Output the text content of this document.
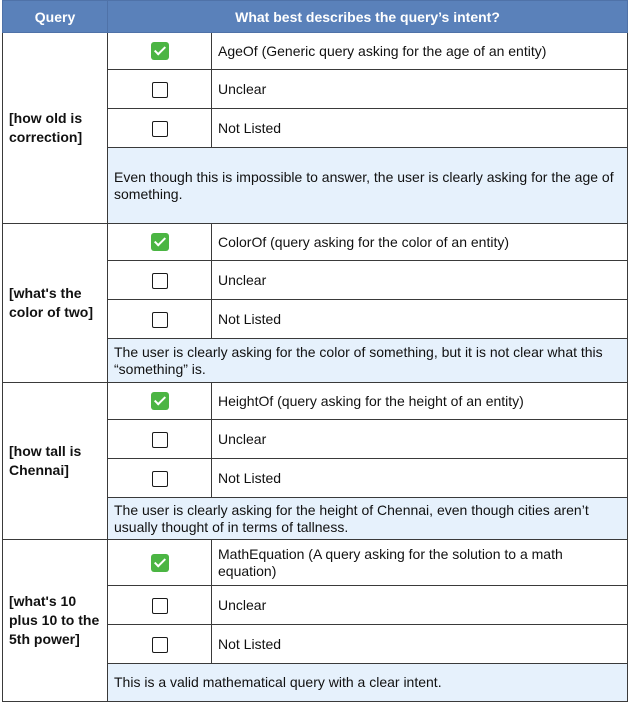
Query	What best describes the query’s intent?	
[how old is correction]		AgeOf (Generic query asking for the age of an entity)
		Unclear
		Not Listed
	Even though this is impossible to answer, the user is clearly asking for the age of something.	
[what's the color of two]		ColorOf (query asking for the color of an entity)
		Unclear
		Not Listed
	The user is clearly asking for the color of something, but it is not clear what this “something” is.	
[how tall is Chennai]		HeightOf (query asking for the height of an entity)
		Unclear
		Not Listed
	The user is clearly asking for the height of Chennai, even though cities aren’t usually thought of in terms of tallness.	
[what's 10 plus 10 to the 5th power]		MathEquation (A query asking for the solution to a math equation)
		Unclear
		Not Listed
	This is a valid mathematical query with a clear intent.	
